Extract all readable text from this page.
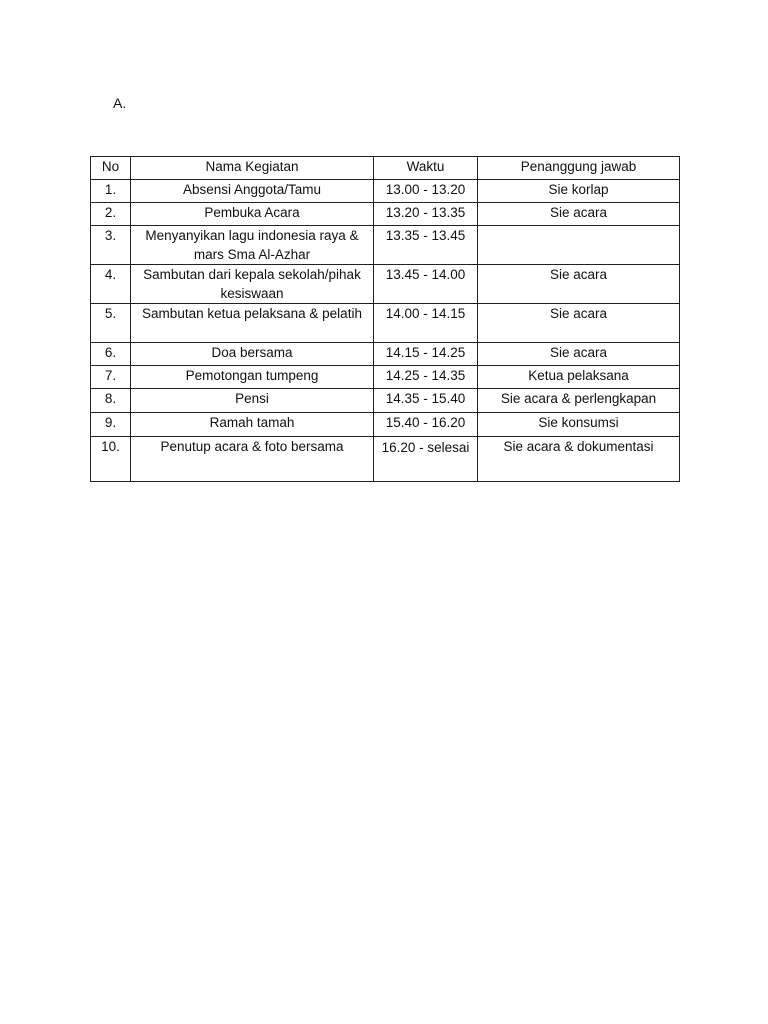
A.
No	Nama Kegiatan	Waktu	Penanggung jawab
1.	Absensi Anggota/Tamu	13.00 - 13.20	Sie korlap
2.	Pembuka Acara	13.20 - 13.35	Sie acara
3.	Menyanyikan lagu indonesia raya & mars Sma Al-Azhar	13.35 - 13.45	
4.	Sambutan dari kepala sekolah/pihak kesiswaan	13.45 - 14.00	Sie acara
5.	Sambutan ketua pelaksana & pelatih	14.00 - 14.15	Sie acara
6.	Doa bersama	14.15 - 14.25	Sie acara
7.	Pemotongan tumpeng	14.25 - 14.35	Ketua pelaksana
8.	Pensi	14.35 - 15.40	Sie acara & perlengkapan
9.	Ramah tamah	15.40 - 16.20	Sie konsumsi
10.	Penutup acara & foto bersama	16.20 - selesai	Sie acara & dokumentasi
